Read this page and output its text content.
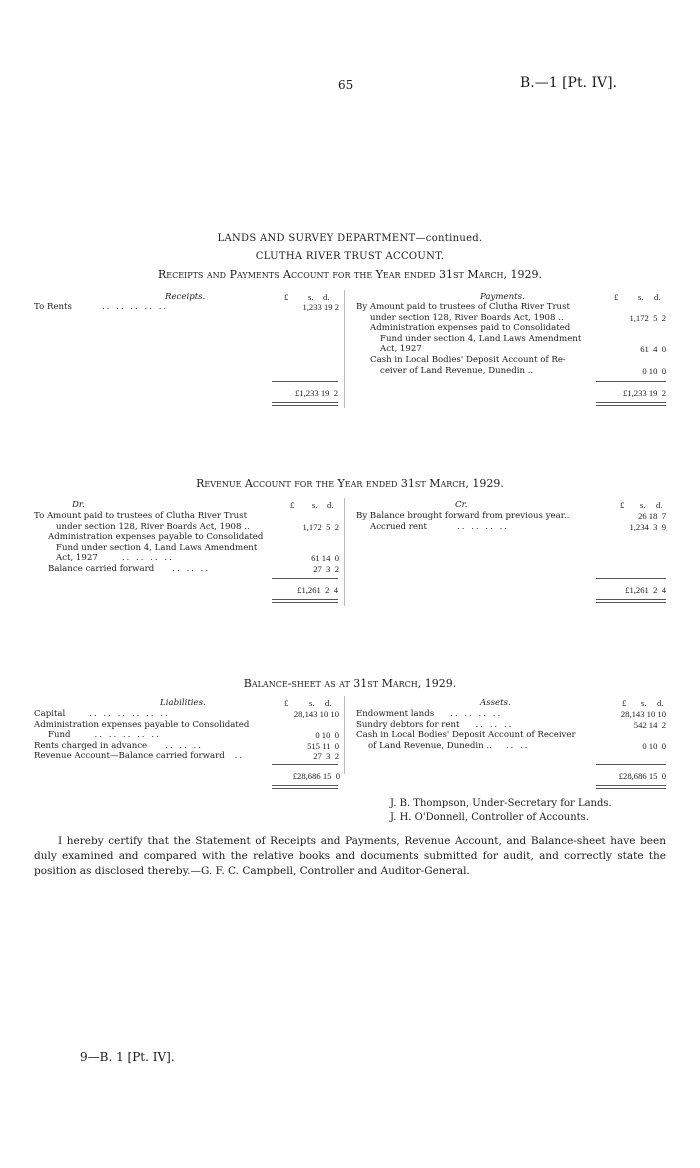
65	B.—1 [Pt. IV].
LANDS AND SURVEY DEPARTMENT—continued.
CLUTHA RIVER TRUST ACCOUNT.
Receipts and Payments Account for the Year ended 31st March, 1929.
Receipts.	£ s. d.
To Rents	.. .. .. .. ..	1,233 19 2
Payments.	£ s. d.
By Amount paid to trustees of Clutha River Trust
under section 128, River Boards Act, 1908 ..	1,172  5  2
Administration expenses paid to Consolidated
Fund under section 4, Land Laws Amendment
Act, 1927	61  4  0
Cash in Local Bodies' Deposit Account of Re-
ceiver of Land Revenue, Dunedin ..	0 10  0
£1,233 19  2	£1,233 19  2
Revenue Account for the Year ended 31st March, 1929.
Dr.	£ s. d.
To Amount paid to trustees of Clutha River Trust
under section 128, River Boards Act, 1908 ..	1,172  5  2
Administration expenses payable to Consolidated
Fund under section 4, Land Laws Amendment
Act, 1927	.. .. .. ..	61 14  0
Balance carried forward .. .. ..	27  3  2
Cr.	£ s. d.
By Balance brought forward from previous year..	26 18  7
Accrued rent	.. .. .. ..	1,234  3  9
£1,261  2  4	£1,261  2  4
Balance-sheet as at 31st March, 1929.
Liabilities.	£ s. d.
Capital	.. .. .. .. .. ..	28,143 10 10
Administration expenses payable to Consolidated
Fund	.. .. .. .. ..	0 10  0
Rents charged in advance .. .. ..	515 11  0
Revenue Account—Balance carried forward ..	27  3  2
Assets.	£ s. d.
Endowment lands .. .. .. ..	28,143 10 10
Sundry debtors for rent .. .. ..	542 14  2
Cash in Local Bodies' Deposit Account of Receiver
of Land Revenue, Dunedin .. .. ..	0 10  0
£28,686 15  0	£28,686 15  0
J. B. Thompson, Under-Secretary for Lands.
J. H. O'Donnell, Controller of Accounts.
I hereby certify that the Statement of Receipts and Payments, Revenue Account, and Balance-sheet have been duly examined and compared with the relative books and documents submitted for audit, and correctly state the position as disclosed thereby.—G. F. C. Campbell, Controller and Auditor-General.
9—B. 1 [Pt. IV].
